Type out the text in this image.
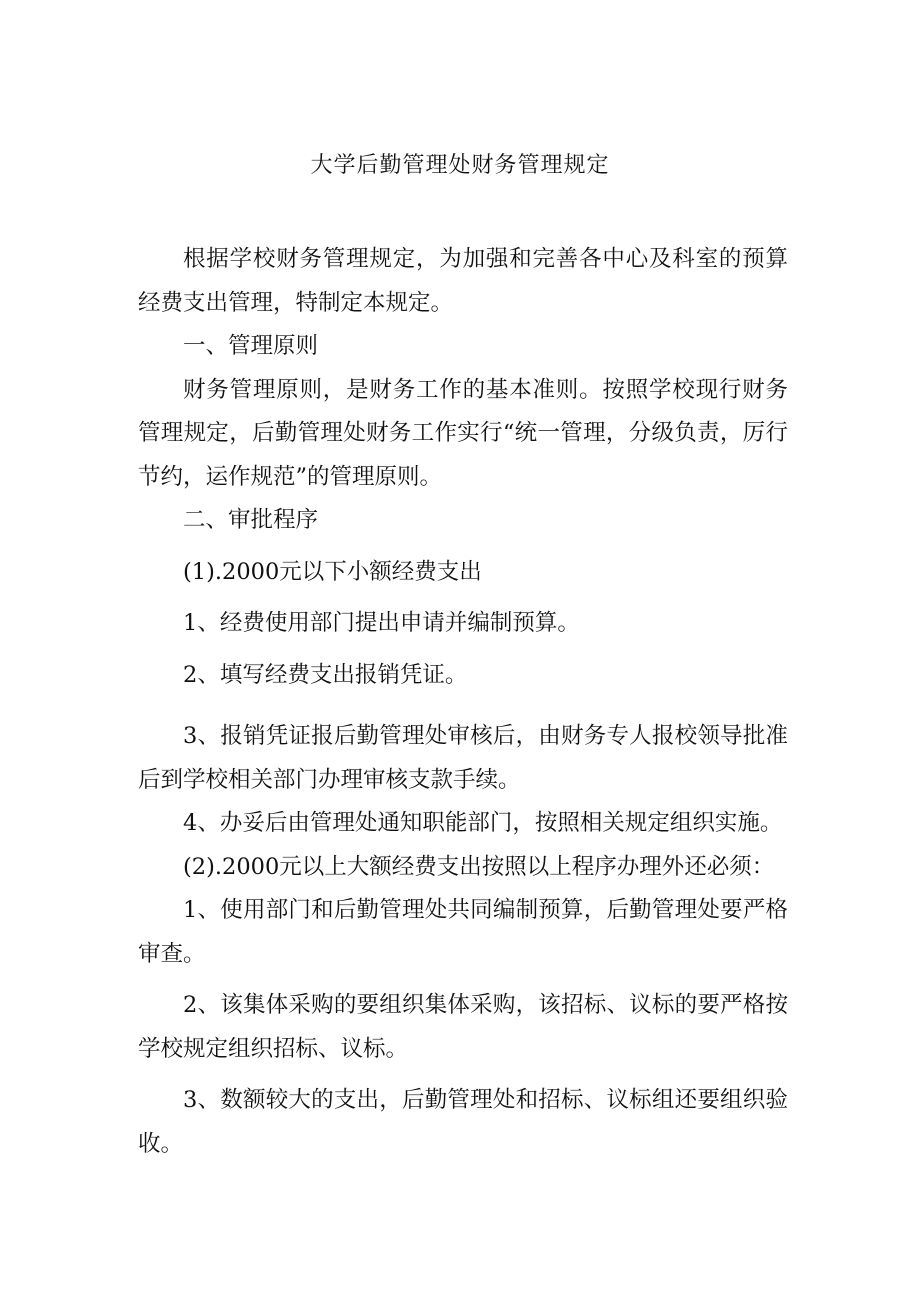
大学后勤管理处财务管理规定

根据学校财务管理规定，为加强和完善各中心及科室的预算经费支出管理，特制定本规定。

一、管理原则

财务管理原则，是财务工作的基本准则。按照学校现行财务管理规定，后勤管理处财务工作实行“统一管理，分级负责，厉行节约，运作规范”的管理原则。

二、审批程序

(1).2000元以下小额经费支出

1、经费使用部门提出申请并编制预算。

2、填写经费支出报销凭证。

3、报销凭证报后勤管理处审核后，由财务专人报校领导批准后到学校相关部门办理审核支款手续。

4、办妥后由管理处通知职能部门，按照相关规定组织实施。

(2).2000元以上大额经费支出按照以上程序办理外还必须：

1、使用部门和后勤管理处共同编制预算，后勤管理处要严格审查。

2、该集体采购的要组织集体采购，该招标、议标的要严格按学校规定组织招标、议标。

3、数额较大的支出，后勤管理处和招标、议标组还要组织验收。
